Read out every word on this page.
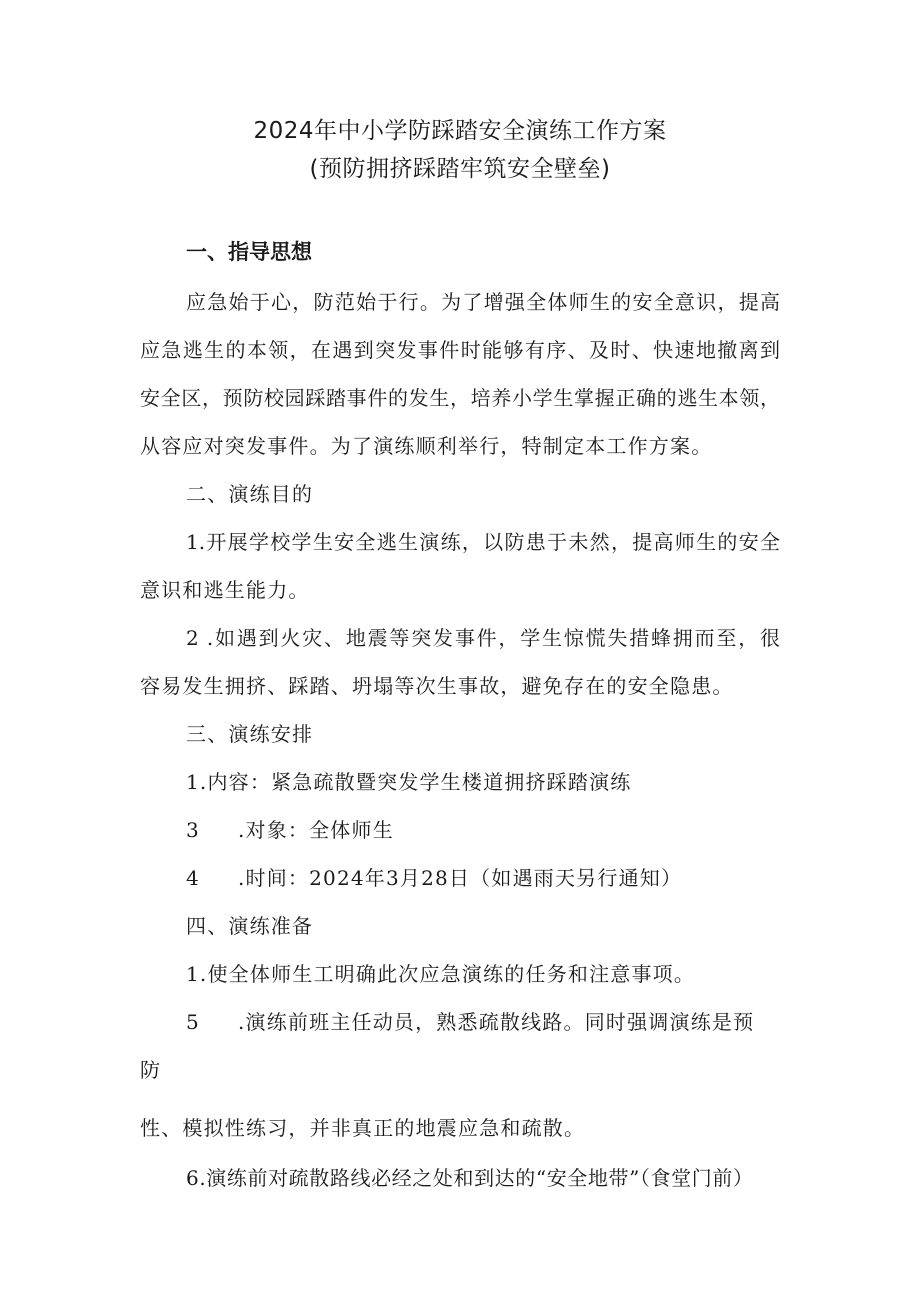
2024年中小学防踩踏安全演练工作方案
(预防拥挤踩踏牢筑安全壁垒)
一、指导思想
应急始于心，防范始于行。为了增强全体师生的安全意识，提高
应急逃生的本领，在遇到突发事件时能够有序、及时、快速地撤离到
安全区，预防校园踩踏事件的发生，培养小学生掌握正确的逃生本领，
从容应对突发事件。为了演练顺利举行，特制定本工作方案。
二、演练目的
1.开展学校学生安全逃生演练，以防患于未然，提高师生的安全
意识和逃生能力。
2 .如遇到火灾、地震等突发事件，学生惊慌失措蜂拥而至，很
容易发生拥挤、踩踏、坍塌等次生事故，避免存在的安全隐患。
三、演练安排
1.内容：紧急疏散暨突发学生楼道拥挤踩踏演练
3 .对象：全体师生
4 .时间：2024年3月28日（如遇雨天另行通知）
四、演练准备
1.使全体师生工明确此次应急演练的任务和注意事项。
5 .演练前班主任动员，熟悉疏散线路。同时强调演练是预
防
性、模拟性练习，并非真正的地震应急和疏散。
6.演练前对疏散路线必经之处和到达的“安全地带”（食堂门前）
